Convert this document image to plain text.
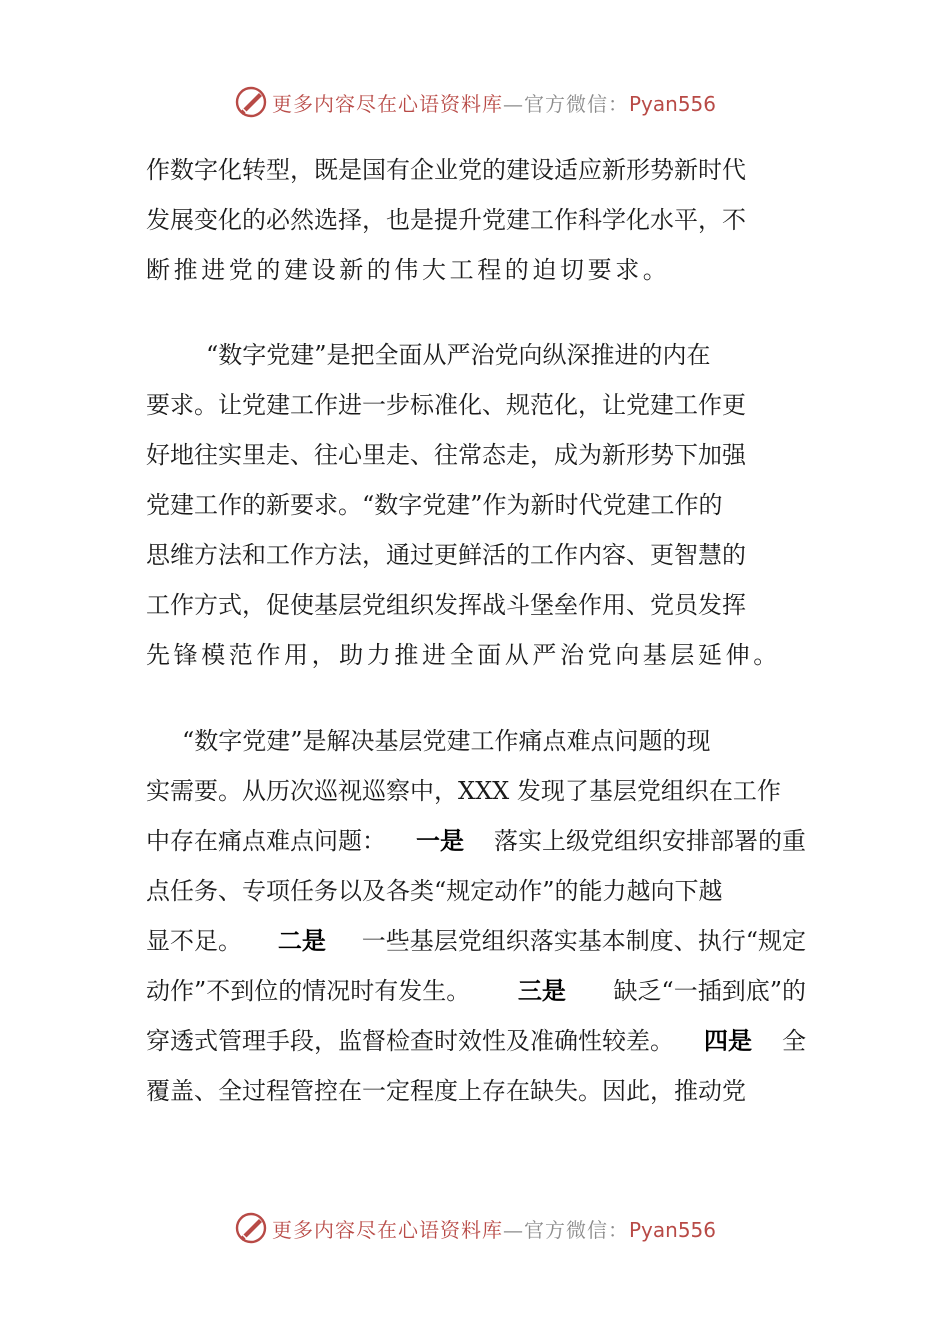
更多内容尽在心语资料库—官方微信：Pyan556
作数字化转型，既是国有企业党的建设适应新形势新时代
发展变化的必然选择，也是提升党建工作科学化水平，不
断推进党的建设新的伟大工程的迫切要求。
“数字党建”是把全面从严治党向纵深推进的内在
要求。让党建工作进一步标准化、规范化，让党建工作更
好地往实里走、往心里走、往常态走，成为新形势下加强
党建工作的新要求。“数字党建”作为新时代党建工作的
思维方法和工作方法，通过更鲜活的工作内容、更智慧的
工作方式，促使基层党组织发挥战斗堡垒作用、党员发挥
先锋模范作用，助力推进全面从严治党向基层延伸。
“数字党建”是解决基层党建工作痛点难点问题的现
实需要。从历次巡视巡察中，XXX 发现了基层党组织在工作
中存在痛点难点问题： 一是 落实上级党组织安排部署的重
点任务、专项任务以及各类“规定动作”的能力越向下越
显不足。 二是 一些基层党组织落实基本制度、执行“规定
动作”不到位的情况时有发生。 三是 缺乏“一插到底”的
穿透式管理手段，监督检查时效性及准确性较差。 四是 全
覆盖、全过程管控在一定程度上存在缺失。因此，推动党
更多内容尽在心语资料库—官方微信：Pyan556
